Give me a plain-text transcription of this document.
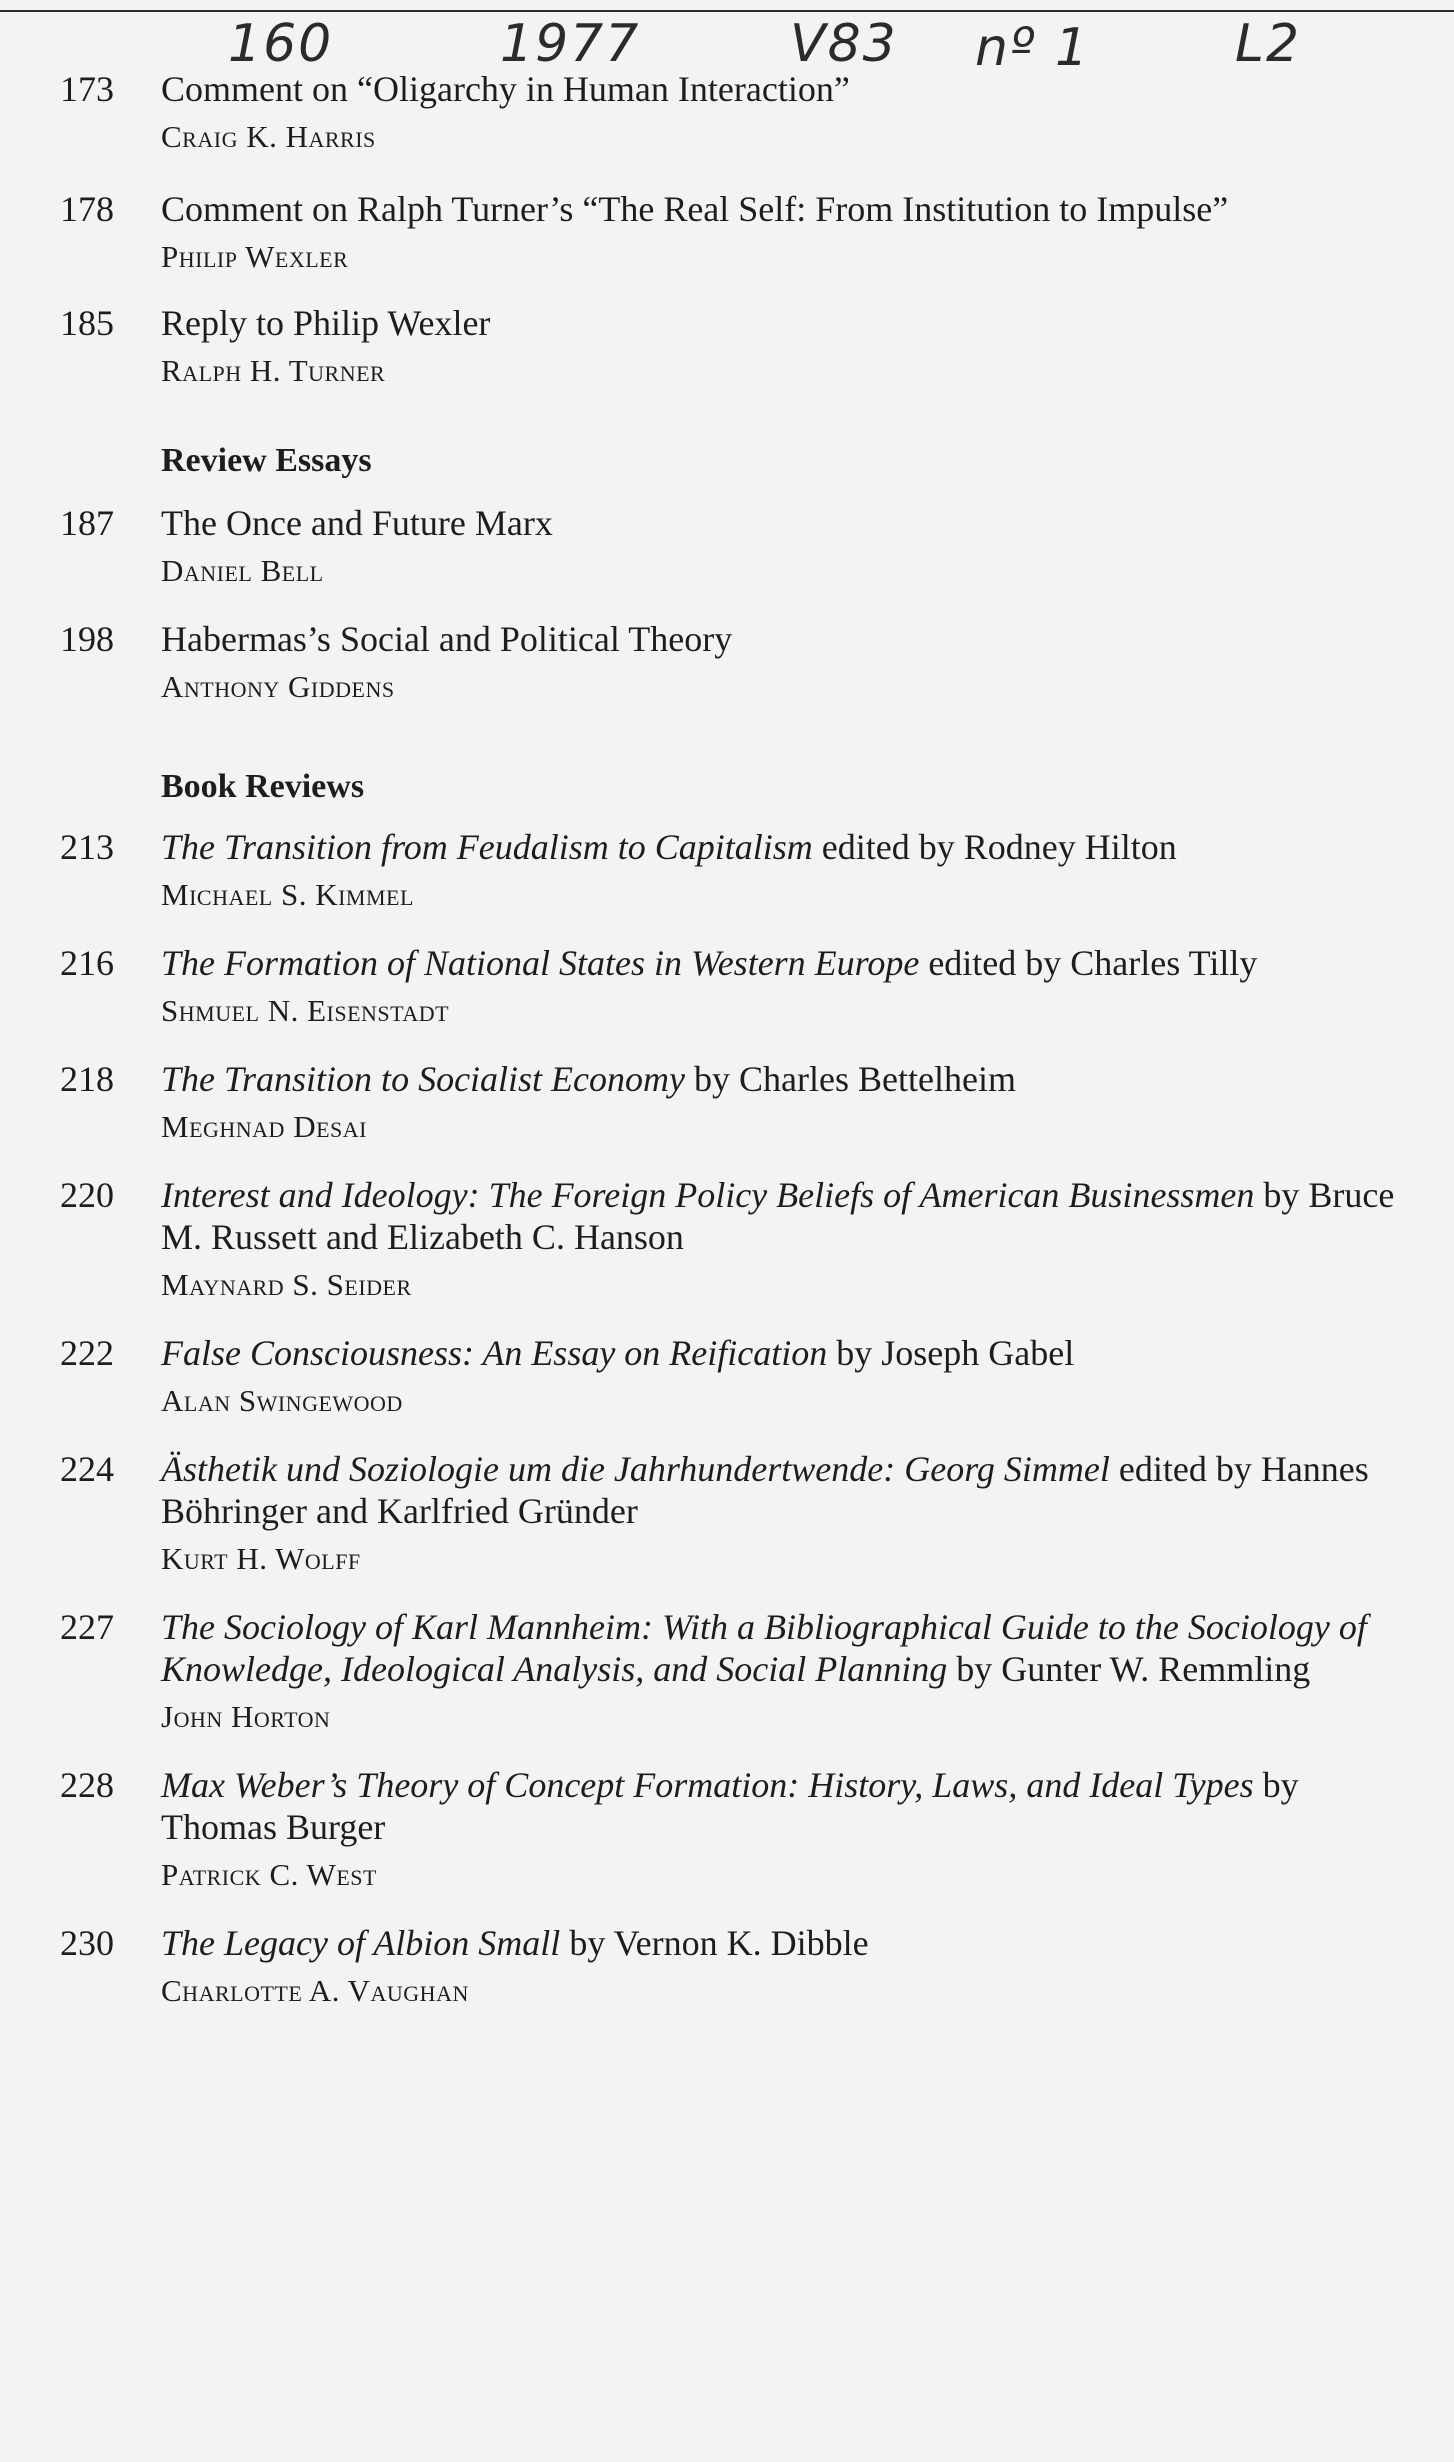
160	1977	V83 nº 1	L2
173	Comment on “Oligarchy in Human Interaction”
Craig K. Harris
178	Comment on Ralph Turner’s “The Real Self: From Institution to Impulse”
Philip Wexler
185	Reply to Philip Wexler
Ralph H. Turner
Review Essays
187	The Once and Future Marx
Daniel Bell
198	Habermas’s Social and Political Theory
Anthony Giddens
Book Reviews
213	The Transition from Feudalism to Capitalism edited by Rodney Hilton
Michael S. Kimmel
216	The Formation of National States in Western Europe edited by Charles Tilly
Shmuel N. Eisenstadt
218	The Transition to Socialist Economy by Charles Bettelheim
Meghnad Desai
220	Interest and Ideology: The Foreign Policy Beliefs of American Businessmen by Bruce M. Russett and Elizabeth C. Hanson
Maynard S. Seider
222	False Consciousness: An Essay on Reification by Joseph Gabel
Alan Swingewood
224	Ästhetik und Soziologie um die Jahrhundertwende: Georg Simmel edited by Hannes Böhringer and Karlfried Gründer
Kurt H. Wolff
227	The Sociology of Karl Mannheim: With a Bibliographical Guide to the Sociology of Knowledge, Ideological Analysis, and Social Planning by Gunter W. Remmling
John Horton
228	Max Weber’s Theory of Concept Formation: History, Laws, and Ideal Types by Thomas Burger
Patrick C. West
230	The Legacy of Albion Small by Vernon K. Dibble
Charlotte A. Vaughan
